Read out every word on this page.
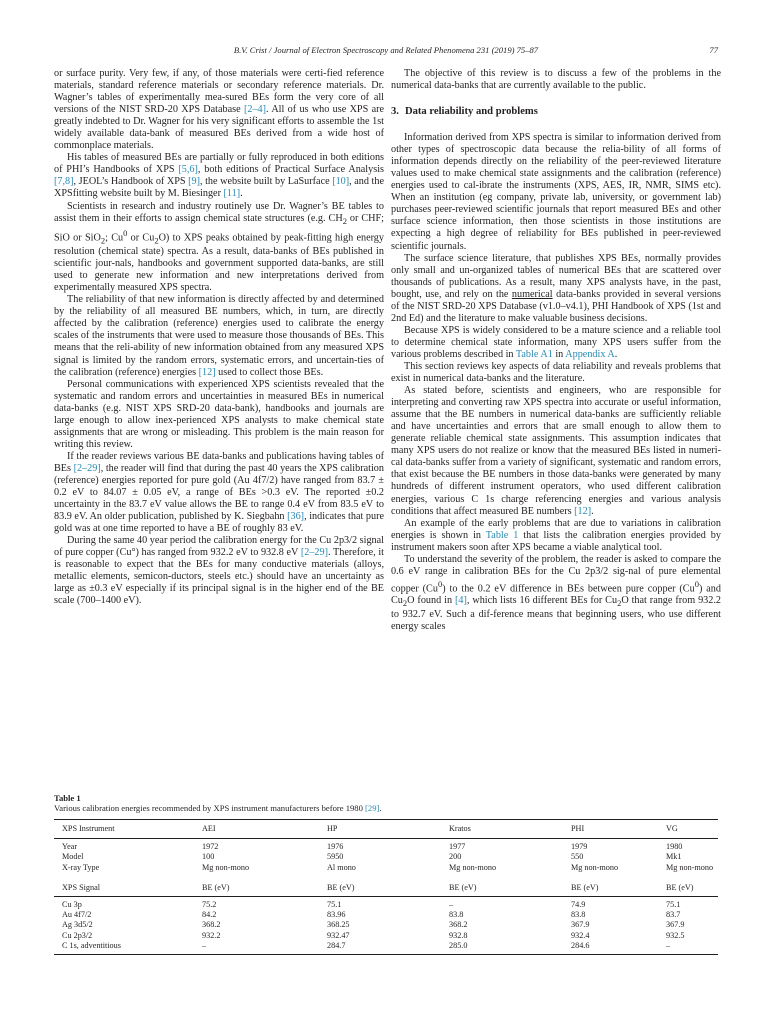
B.V. Crist / Journal of Electron Spectroscopy and Related Phenomena 231 (2019) 75–87	77

or surface purity. Very few, if any, of those materials were certi-fied reference materials, standard reference materials or secondary reference materials. Dr. Wagner’s tables of experimentally mea-sured BEs form the very core of all versions of the NIST SRD-20 XPS Database [2–4]. All of us who use XPS are greatly indebted to Dr. Wagner for his very significant efforts to assemble the 1st widely available data-bank of measured BEs derived from a wide host of commonplace materials.

His tables of measured BEs are partially or fully reproduced in both editions of PHI’s Handbooks of XPS [5,6], both editions of Practical Surface Analysis [7,8], JEOL’s Handbook of XPS [9], the website built by LaSurface [10], and the XPSfitting website built by M. Biesinger [11].

Scientists in research and industry routinely use Dr. Wagner’s BE tables to assist them in their efforts to assign chemical state structures (e.g. $CH_2$ or CHF; SiO or SiO$_2$; Cu$^0$ or $Cu_2O$) to XPS peaks obtained by peak-fitting high energy resolution (chemical state) spectra. As a result, data-banks of BEs published in scientific jour-nals, handbooks and government supported data-banks, are still used to generate new information and new interpretations derived from experimentally measured XPS spectra.

The reliability of that new information is directly affected by and determined by the reliability of all measured BE numbers, which, in turn, are directly affected by the calibration (reference) energies used to calibrate the energy scales of the instruments that were used to measure those thousands of BEs. This means that the reli-ability of new information obtained from any measured XPS signal is limited by the random errors, systematic errors, and uncertain-ties of the calibration (reference) energies [12] used to collect those BEs.

Personal communications with experienced XPS scientists revealed that the systematic and random errors and uncertainties in measured BEs in numerical data-banks (e.g. NIST XPS SRD-20 data-bank), handbooks and journals are large enough to allow inex-perienced XPS analysts to make chemical state assignments that are wrong or misleading. This problem is the main reason for writing this review.

If the reader reviews various BE data-banks and publications having tables of BEs [2–29], the reader will find that during the past 40 years the XPS calibration (reference) energies reported for pure gold (Au 4f7/2) have ranged from 83.7 ± 0.2 eV to 84.07 ± 0.05 eV, a range of BEs >0.3 eV. The reported ±0.2 uncertainty in the 83.7 eV value allows the BE to range 0.4 eV from 83.5 eV to 83.9 eV. An older publication, published by K. Siegbahn [36], indicates that pure gold was at one time reported to have a BE of roughly 83 eV.

During the same 40 year period the calibration energy for the Cu 2p3/2 signal of pure copper (Cu°) has ranged from 932.2 eV to 932.8 eV [2–29]. Therefore, it is reasonable to expect that the BEs for many conductive materials (alloys, metallic elements, semicon-ductors, steels etc.) should have an uncertainty as large as ±0.3 eV especially if its principal signal is in the higher end of the BE scale (700–1400 eV).

The objective of this review is to discuss a few of the problems in the numerical data-banks that are currently available to the public.

3. Data reliability and problems

Information derived from XPS spectra is similar to information derived from other types of spectroscopic data because the relia-bility of all forms of information depends directly on the reliability of the peer-reviewed literature values used to make chemical state assignments and the calibration (reference) energies used to cal-ibrate the instruments (XPS, AES, IR, NMR, SIMS etc). When an institution (eg company, private lab, university, or government lab) purchases peer-reviewed scientific journals that report measured BEs and other surface science information, then those scientists in those institutions are expecting a high degree of reliability for BEs published in peer-reviewed scientific journals.

The surface science literature, that publishes XPS BEs, normally provides only small and un-organized tables of numerical BEs that are scattered over thousands of publications. As a result, many XPS analysts have, in the past, bought, use, and rely on the numerical data-banks provided in several versions of the NIST SRD-20 XPS Database (v1.0–v4.1), PHI Handbook of XPS (1st and 2nd Ed) and the literature to make valuable business decisions.

Because XPS is widely considered to be a mature science and a reliable tool to determine chemical state information, many XPS users suffer from the various problems described in Table A1 in Appendix A.

This section reviews key aspects of data reliability and reveals problems that exist in numerical data-banks and the literature.

As stated before, scientists and engineers, who are responsible for interpreting and converting raw XPS spectra into accurate or useful information, assume that the BE numbers in numerical data-banks are sufficiently reliable and have uncertainties and errors that are small enough to allow them to generate reliable chemical state assignments. This assumption indicates that many XPS users do not realize or know that the measured BEs listed in numeri-cal data-banks suffer from a variety of significant, systematic and random errors, that exist because the BE numbers in those data-banks were generated by many hundreds of different instrument operators, who used different calibration energies, various C 1s charge referencing energies and various analysis conditions that affect measured BE numbers [12].

An example of the early problems that are due to variations in calibration energies is shown in Table 1 that lists the calibration energies provided by instrument makers soon after XPS became a viable analytical tool.

To understand the severity of the problem, the reader is asked to compare the 0.6 eV range in calibration BEs for the Cu 2p3/2 sig-nal of pure elemental copper (Cu$^0$) to the 0.2 eV difference in BEs between pure copper (Cu$^0$) and $Cu_2O$ found in [4], which lists 16 different BEs for $Cu_2O$ that range from 932.2 to 932.7 eV. Such a dif-ference means that beginning users, who use different energy scales

Table 1
Various calibration energies recommended by XPS instrument manufacturers before 1980 [29].
XPS Instrument	AEI	HP	Kratos	PHI	VG
Year	1972	1976	1977	1979	1980
Model	100	5950	200	550	Mk1
X-ray Type	Mg non-mono	Al mono	Mg non-mono	Mg non-mono	Mg non-mono

XPS Signal	BE (eV)	BE (eV)	BE (eV)	BE (eV)	BE (eV)
Cu 3p	75.2	75.1	–	74.9	75.1
Au 4f7/2	84.2	83.96	83.8	83.8	83.7
Ag 3d5/2	368.2	368.25	368.2	367.9	367.9
Cu 2p3/2	932.2	932.47	932.8	932.4	932.5
C 1s, adventitious	–	284.7	285.0	284.6	–
